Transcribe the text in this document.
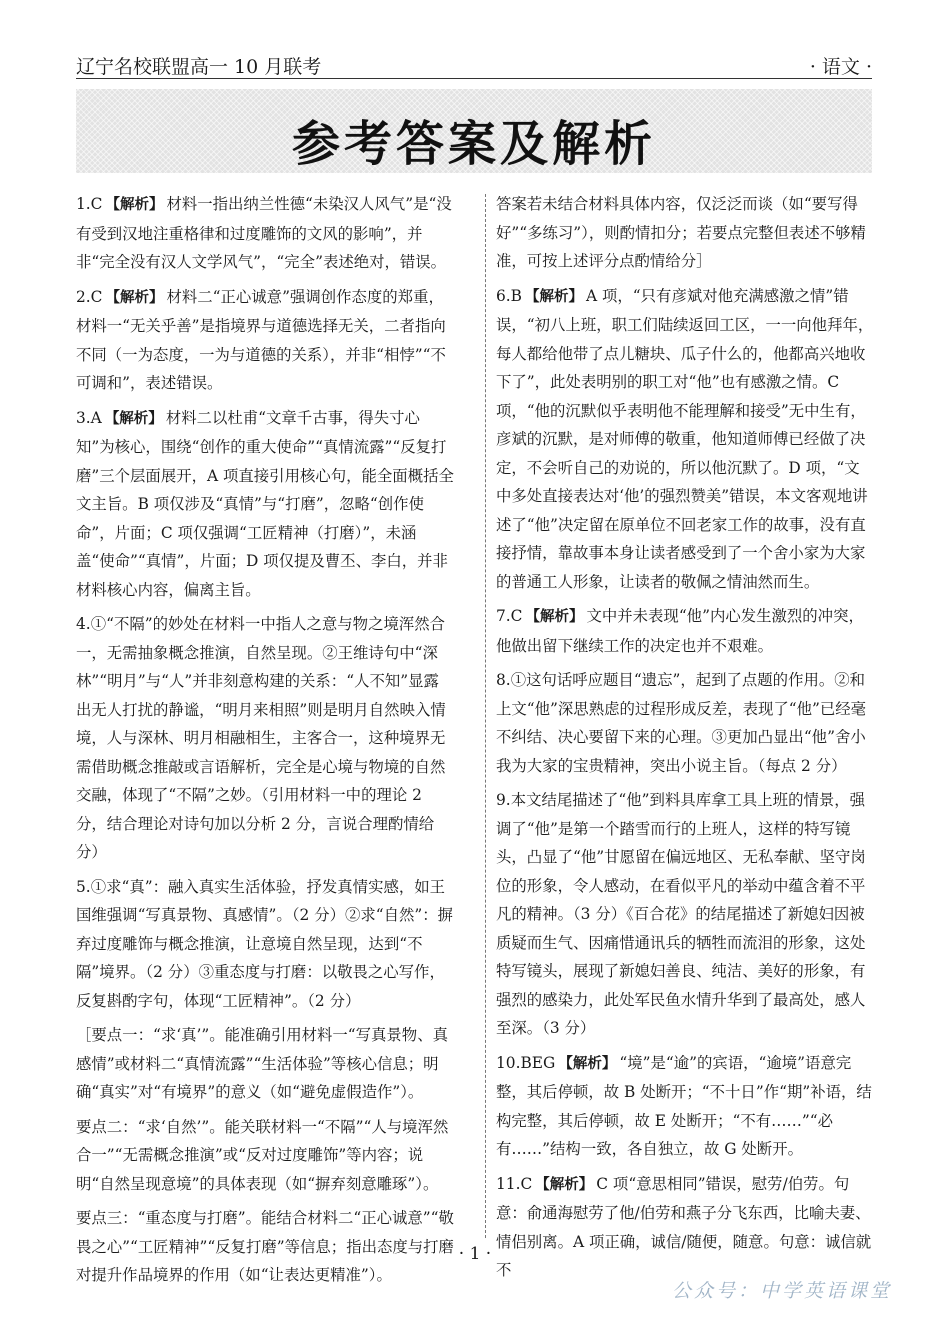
辽宁名校联盟高一 10 月联考	· 语文 ·
参考答案及解析
1.C 【解析】 材料一指出纳兰性德“未染汉人风气”是“没有受到汉地注重格律和过度雕饰的文风的影响”，并非“完全没有汉人文学风气”，“完全”表述绝对，错误。
2.C 【解析】 材料二“正心诚意”强调创作态度的郑重，材料一“无关乎善”是指境界与道德选择无关，二者指向不同（一为态度，一为与道德的关系），并非“相悖”“不可调和”，表述错误。
3.A 【解析】 材料二以杜甫“文章千古事，得失寸心知”为核心，围绕“创作的重大使命”“真情流露”“反复打磨”三个层面展开，A 项直接引用核心句，能全面概括全文主旨。B 项仅涉及“真情”与“打磨”，忽略“创作使命”，片面；C 项仅强调“工匠精神（打磨）”，未涵盖“使命”“真情”，片面；D 项仅提及曹丕、李白，并非材料核心内容，偏离主旨。
4.①“不隔”的妙处在材料一中指人之意与物之境浑然合一，无需抽象概念推演，自然呈现。②王维诗句中“深林”“明月”与“人”并非刻意构建的关系：“人不知”显露出无人打扰的静谧，“明月来相照”则是明月自然映入情境，人与深林、明月相融相生，主客合一，这种境界无需借助概念推敲或言语解析，完全是心境与物境的自然交融，体现了“不隔”之妙。（引用材料一中的理论 2 分，结合理论对诗句加以分析 2 分，言说合理酌情给分）
5.①求“真”：融入真实生活体验，抒发真情实感，如王国维强调“写真景物、真感情”。（2 分）②求“自然”：摒弃过度雕饰与概念推演，让意境自然呈现，达到“不隔”境界。（2 分）③重态度与打磨：以敬畏之心写作，反复斟酌字句，体现“工匠精神”。（2 分）
［要点一：“求‘真’”。能准确引用材料一“写真景物、真感情”或材料二“真情流露”“生活体验”等核心信息；明确“真实”对“有境界”的意义（如“避免虚假造作”）。
要点二：“求‘自然’”。能关联材料一“不隔”“人与境浑然合一”“无需概念推演”或“反对过度雕饰”等内容；说明“自然呈现意境”的具体表现（如“摒弃刻意雕琢”）。
要点三：“重态度与打磨”。能结合材料二“正心诚意”“敬畏之心”“工匠精神”“反复打磨”等信息；指出态度与打磨对提升作品境界的作用（如“让表达更精准”）。
答案若未结合材料具体内容，仅泛泛而谈（如“要写得好”“多练习”），则酌情扣分；若要点完整但表述不够精准，可按上述评分点酌情给分］
6.B 【解析】 A 项，“只有彦斌对他充满感激之情”错误，“初八上班，职工们陆续返回工区，一一向他拜年，每人都给他带了点儿糖块、瓜子什么的，他都高兴地收下了”，此处表明别的职工对“他”也有感激之情。C 项，“他的沉默似乎表明他不能理解和接受”无中生有，彦斌的沉默，是对师傅的敬重，他知道师傅已经做了决定，不会听自己的劝说的，所以他沉默了。D 项，“文中多处直接表达对‘他’的强烈赞美”错误，本文客观地讲述了“他”决定留在原单位不回老家工作的故事，没有直接抒情，靠故事本身让读者感受到了一个舍小家为大家的普通工人形象，让读者的敬佩之情油然而生。
7.C 【解析】 文中并未表现“他”内心发生激烈的冲突，他做出留下继续工作的决定也并不艰难。
8.①这句话呼应题目“遗忘”，起到了点题的作用。②和上文“他”深思熟虑的过程形成反差，表现了“他”已经毫不纠结、决心要留下来的心理。③更加凸显出“他”舍小我为大家的宝贵精神，突出小说主旨。（每点 2 分）
9.本文结尾描述了“他”到料具库拿工具上班的情景，强调了“他”是第一个踏雪而行的上班人，这样的特写镜头，凸显了“他”甘愿留在偏远地区、无私奉献、坚守岗位的形象，令人感动，在看似平凡的举动中蕴含着不平凡的精神。（3 分）《百合花》的结尾描述了新媳妇因被质疑而生气、因痛惜通讯兵的牺牲而流泪的形象，这处特写镜头，展现了新媳妇善良、纯洁、美好的形象，有强烈的感染力，此处军民鱼水情升华到了最高处，感人至深。（3 分）
10.BEG 【解析】 “境”是“逾”的宾语，“逾境”语意完整，其后停顿，故 B 处断开；“不十日”作“期”补语，结构完整，其后停顿，故 E 处断开；“不有……”“必有……”结构一致，各自独立，故 G 处断开。
11.C 【解析】 C 项“意思相同”错误，慰劳/伯劳。句意：俞通海慰劳了他/伯劳和燕子分飞东西，比喻夫妻、情侣别离。A 项正确，诚信/随便，随意。句意：诚信就不
· 1 ·
公众号：中学英语课堂
